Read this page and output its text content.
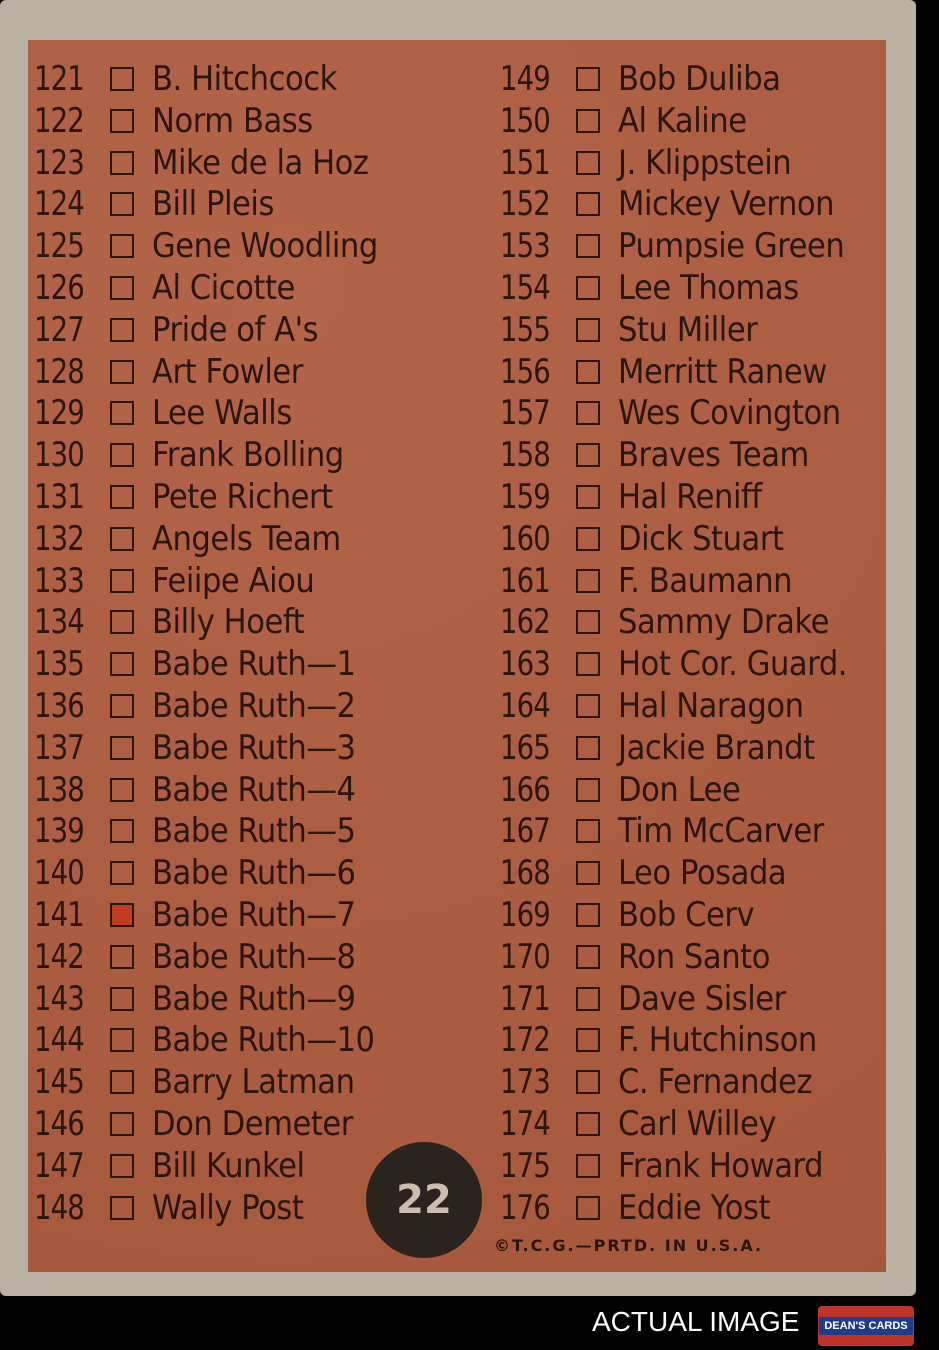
121 B. Hitchcock
122 Norm Bass
123 Mike de la Hoz
124 Bill Pleis
125 Gene Woodling
126 Al Cicotte
127 Pride of A's
128 Art Fowler
129 Lee Walls
130 Frank Bolling
131 Pete Richert
132 Angels Team
133 Feiipe Aiou
134 Billy Hoeft
135 Babe Ruth—1
136 Babe Ruth—2
137 Babe Ruth—3
138 Babe Ruth—4
139 Babe Ruth—5
140 Babe Ruth—6
141 Babe Ruth—7
142 Babe Ruth—8
143 Babe Ruth—9
144 Babe Ruth—10
145 Barry Latman
146 Don Demeter
147 Bill Kunkel
148 Wally Post
149 Bob Duliba
150 Al Kaline
151 J. Klippstein
152 Mickey Vernon
153 Pumpsie Green
154 Lee Thomas
155 Stu Miller
156 Merritt Ranew
157 Wes Covington
158 Braves Team
159 Hal Reniff
160 Dick Stuart
161 F. Baumann
162 Sammy Drake
163 Hot Cor. Guard.
164 Hal Naragon
165 Jackie Brandt
166 Don Lee
167 Tim McCarver
168 Leo Posada
169 Bob Cerv
170 Ron Santo
171 Dave Sisler
172 F. Hutchinson
173 C. Fernandez
174 Carl Willey
175 Frank Howard
176 Eddie Yost
22
©T.C.G.—PRTD. IN U.S.A.
ACTUAL IMAGE	DEAN'S CARDS
